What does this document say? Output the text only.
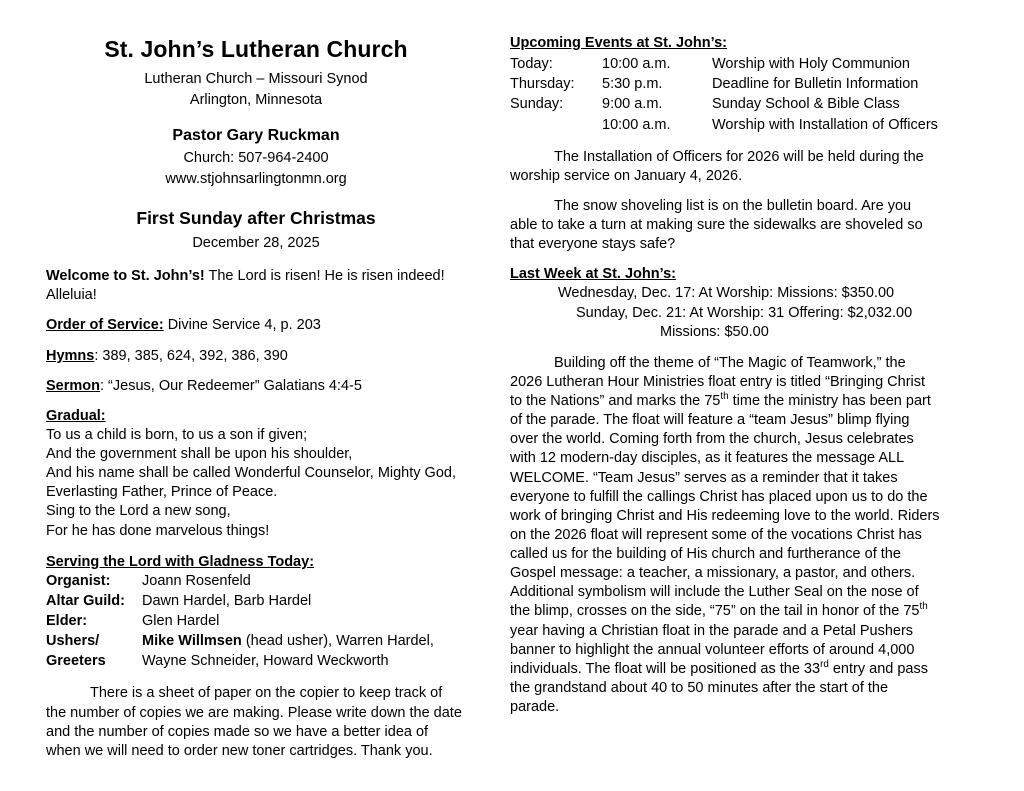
St. John’s Lutheran Church
Lutheran Church – Missouri Synod
Arlington, Minnesota
Pastor Gary Ruckman
Church: 507-964-2400
www.stjohnsarlingtonmn.org
First Sunday after Christmas
December 28, 2025

Welcome to St. John’s! The Lord is risen! He is risen indeed! Alleluia!

Order of Service: Divine Service 4, p. 203

Hymns: 389, 385, 624, 392, 386, 390

Sermon: “Jesus, Our Redeemer” Galatians 4:4-5

Gradual:
To us a child is born, to us a son if given;
And the government shall be upon his shoulder,
And his name shall be called Wonderful Counselor, Mighty God,
Everlasting Father, Prince of Peace.
Sing to the Lord a new song,
For he has done marvelous things!
Serving the Lord with Gladness Today:
Organist:	Joann Rosenfeld
Altar Guild:	Dawn Hardel, Barb Hardel
Elder:	Glen Hardel
Ushers/	Mike Willmsen (head usher), Warren Hardel,
Greeters	Wayne Schneider, Howard Weckworth

There is a sheet of paper on the copier to keep track of the number of copies we are making. Please write down the date and the number of copies made so we have a better idea of when we will need to order new toner cartridges. Thank you.

Upcoming Events at St. John’s:
Today:	10:00 a.m.	Worship with Holy Communion
Thursday:	5:30 p.m.	Deadline for Bulletin Information
Sunday:	9:00 a.m.	Sunday School & Bible Class
	10:00 a.m.	Worship with Installation of Officers

The Installation of Officers for 2026 will be held during the worship service on January 4, 2026.

The snow shoveling list is on the bulletin board. Are you able to take a turn at making sure the sidewalks are shoveled so that everyone stays safe?

Last Week at St. John’s:
Wednesday, Dec. 17: At Worship: Missions: $350.00
Sunday, Dec. 21: At Worship: 31 Offering: $2,032.00
Missions: $50.00

Building off the theme of “The Magic of Teamwork,” the 2026 Lutheran Hour Ministries float entry is titled “Bringing Christ to the Nations” and marks the 75th time the ministry has been part of the parade. The float will feature a “team Jesus” blimp flying over the world. Coming forth from the church, Jesus celebrates with 12 modern-day disciples, as it features the message ALL WELCOME. “Team Jesus” serves as a reminder that it takes everyone to fulfill the callings Christ has placed upon us to do the work of bringing Christ and His redeeming love to the world. Riders on the 2026 float will represent some of the vocations Christ has called us for the building of His church and furtherance of the Gospel message: a teacher, a missionary, a pastor, and others. Additional symbolism will include the Luther Seal on the nose of the blimp, crosses on the side, “75” on the tail in honor of the 75th year having a Christian float in the parade and a Petal Pushers banner to highlight the annual volunteer efforts of around 4,000 individuals. The float will be positioned as the 33rd entry and pass the grandstand about 40 to 50 minutes after the start of the parade.
